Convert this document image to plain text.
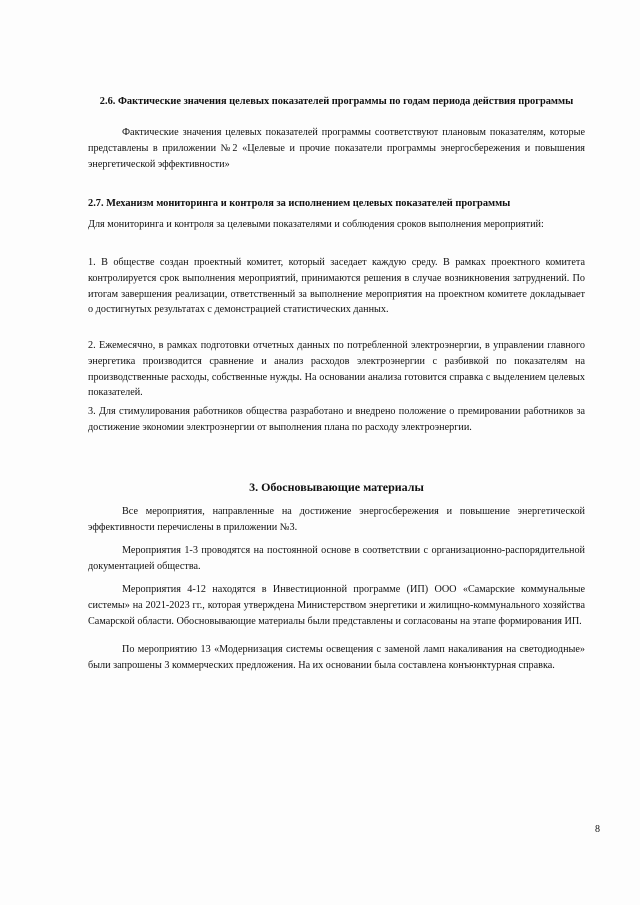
2.6. Фактические значения целевых показателей программы по годам периода действия программы

Фактические значения целевых показателей программы соответствуют плановым показателям, которые представлены в приложении №2 «Целевые и прочие показатели программы энергосбережения и повышения энергетической эффективности»

2.7. Механизм мониторинга и контроля за исполнением целевых показателей программы

Для мониторинга и контроля за целевыми показателями и соблюдения сроков выполнения мероприятий:

1. В обществе создан проектный комитет, который заседает каждую среду. В рамках проектного комитета контролируется срок выполнения мероприятий, принимаются решения в случае возникновения затруднений. По итогам завершения реализации, ответственный за выполнение мероприятия на проектном комитете докладывает о достигнутых результатах с демонстрацией статистических данных.

2. Ежемесячно, в рамках подготовки отчетных данных по потребленной электроэнергии, в управлении главного энергетика производится сравнение и анализ расходов электроэнергии с разбивкой по показателям на производственные расходы, собственные нужды. На основании анализа готовится справка с выделением целевых показателей.

3. Для стимулирования работников общества разработано и внедрено положение о премировании работников за достижение экономии электроэнергии от выполнения плана по расходу электроэнергии.

3. Обосновывающие материалы

Все мероприятия, направленные на достижение энергосбережения и повышение энергетической эффективности перечислены в приложении №3.

Мероприятия 1-3 проводятся на постоянной основе в соответствии с организационно-распорядительной документацией общества.

Мероприятия 4-12 находятся в Инвестиционной программе (ИП) ООО «Самарские коммунальные системы» на 2021-2023 гг., которая утверждена Министерством энергетики и жилищно-коммунального хозяйства Самарской области. Обосновывающие материалы были представлены и согласованы на этапе формирования ИП.

По мероприятию 13 «Модернизация системы освещения с заменой ламп накаливания на светодиодные» были запрошены 3 коммерческих предложения. На их основании была составлена конъюнктурная справка.

8
